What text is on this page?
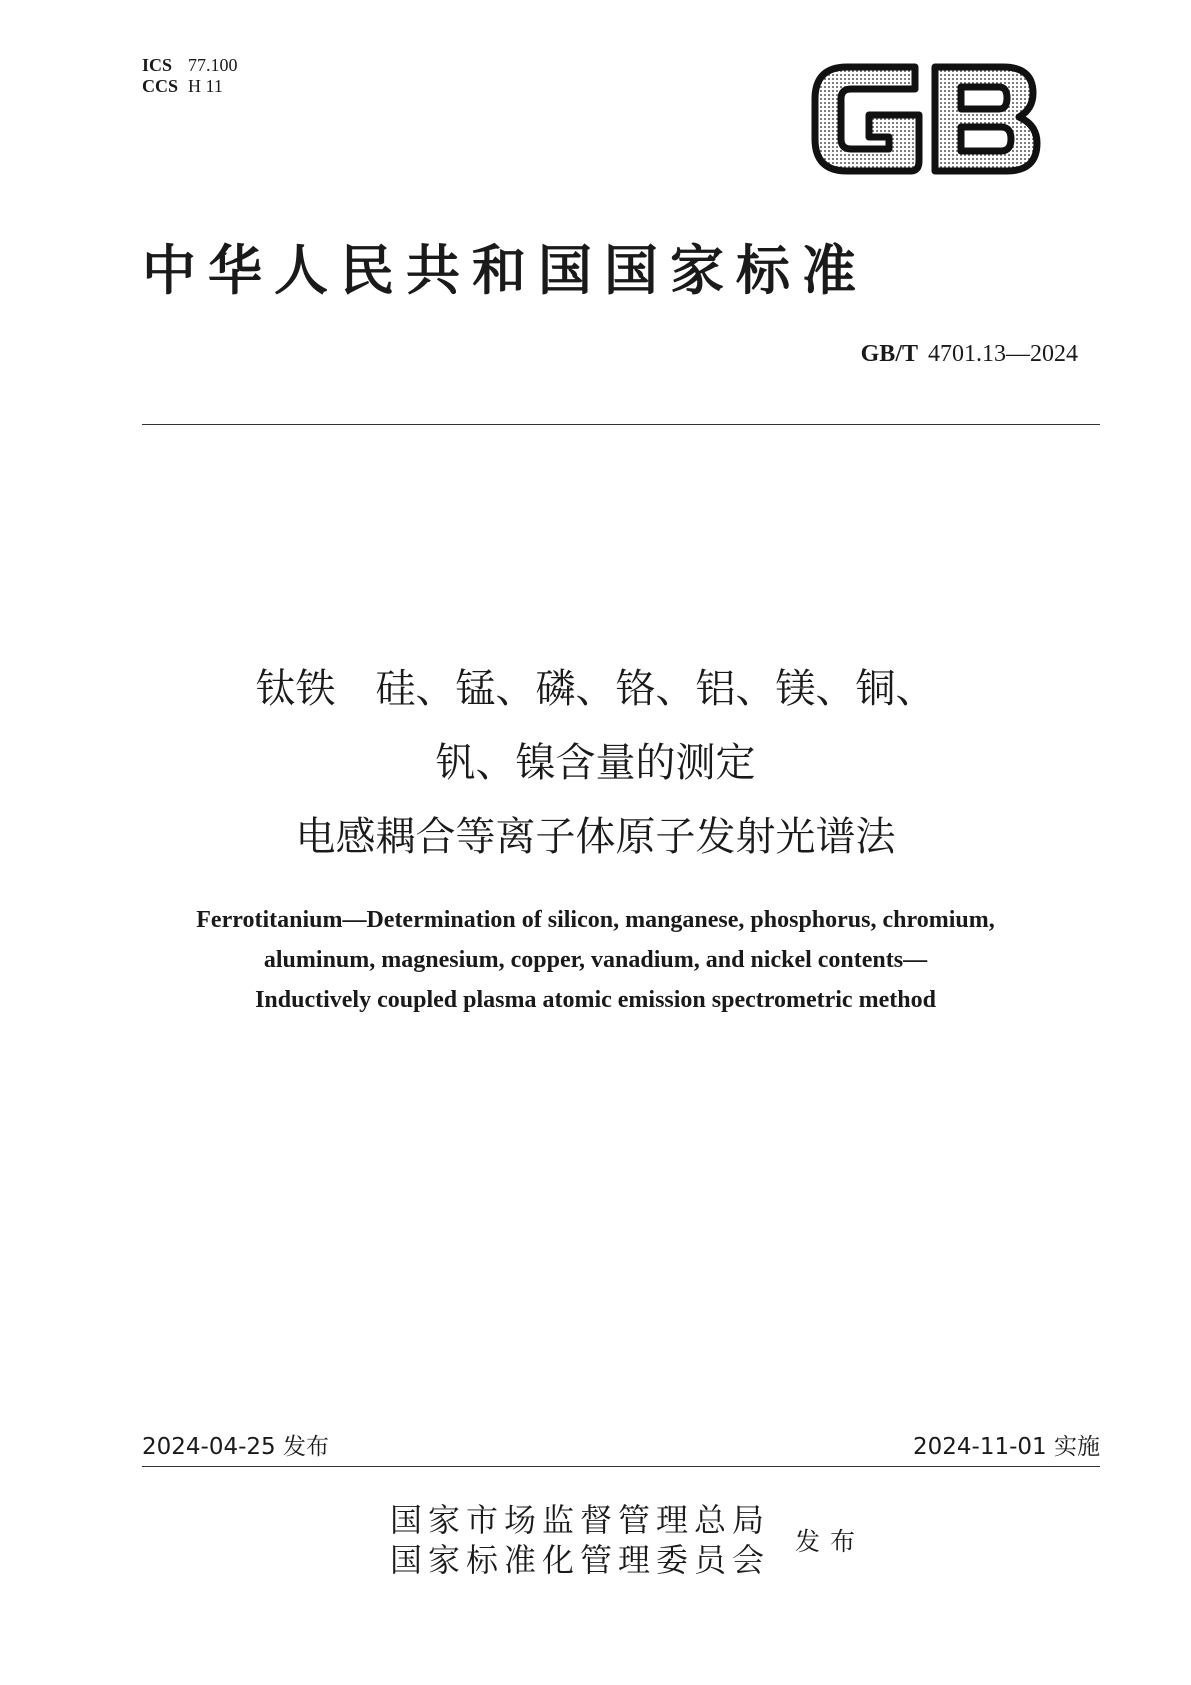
ICS 77.100
CCS H 11
中华人民共和国国家标准
GB/T 4701.13—2024
钛铁　硅、锰、磷、铬、铝、镁、铜、
钒、镍含量的测定
电感耦合等离子体原子发射光谱法
Ferrotitanium—Determination of silicon, manganese, phosphorus, chromium,
aluminum, magnesium, copper, vanadium, and nickel contents—
Inductively coupled plasma atomic emission spectrometric method
2024-04-25 发布	2024-11-01 实施
国家市场监督管理总局
国家标准化管理委员会 发布
